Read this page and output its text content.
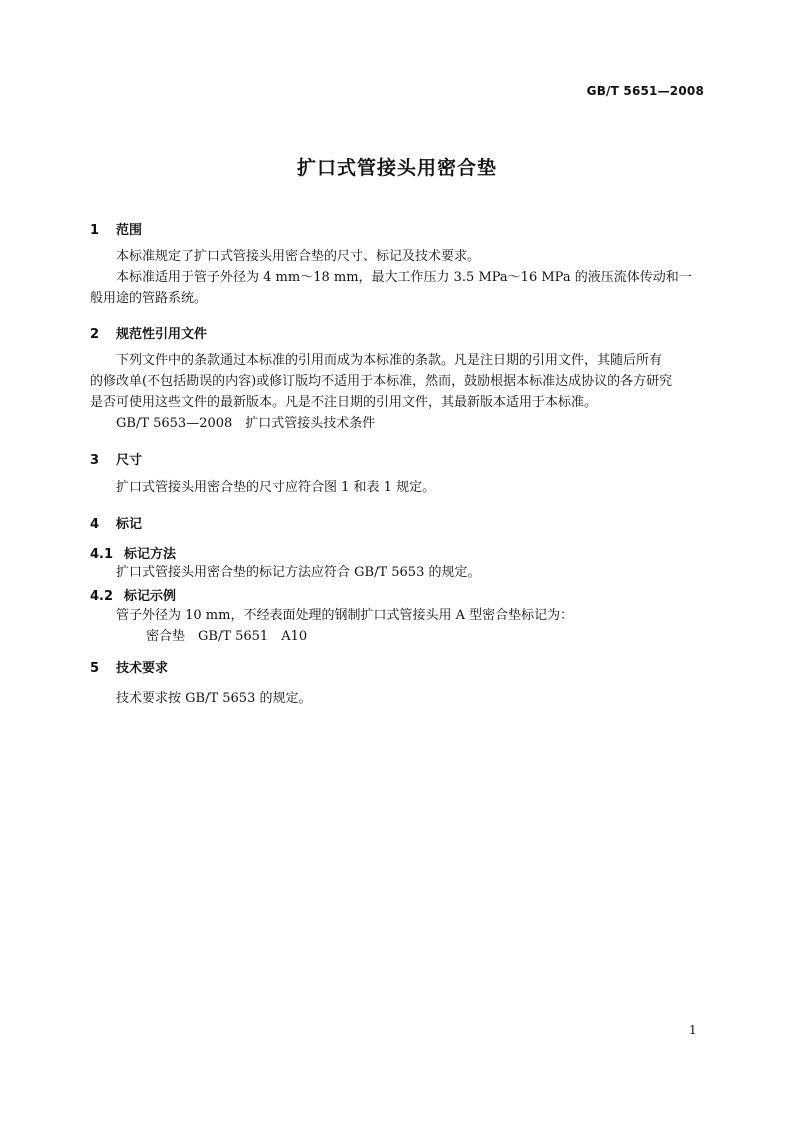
GB/T 5651—2008
扩口式管接头用密合垫
1 范围
本标准规定了扩口式管接头用密合垫的尺寸、标记及技术要求。
本标准适用于管子外径为 4 mm～18 mm，最大工作压力 3.5 MPa～16 MPa 的液压流体传动和一
般用途的管路系统。
2 规范性引用文件
下列文件中的条款通过本标准的引用而成为本标准的条款。凡是注日期的引用文件，其随后所有
的修改单(不包括勘误的内容)或修订版均不适用于本标准，然而，鼓励根据本标准达成协议的各方研究
是否可使用这些文件的最新版本。凡是不注日期的引用文件，其最新版本适用于本标准。
GB/T 5653—2008　扩口式管接头技术条件
3 尺寸
扩口式管接头用密合垫的尺寸应符合图 1 和表 1 规定。
4 标记
4.1 标记方法
扩口式管接头用密合垫的标记方法应符合 GB/T 5653 的规定。
4.2 标记示例
管子外径为 10 mm，不经表面处理的钢制扩口式管接头用 A 型密合垫标记为：
密合垫　GB/T 5651　A10
5 技术要求
技术要求按 GB/T 5653 的规定。
1
